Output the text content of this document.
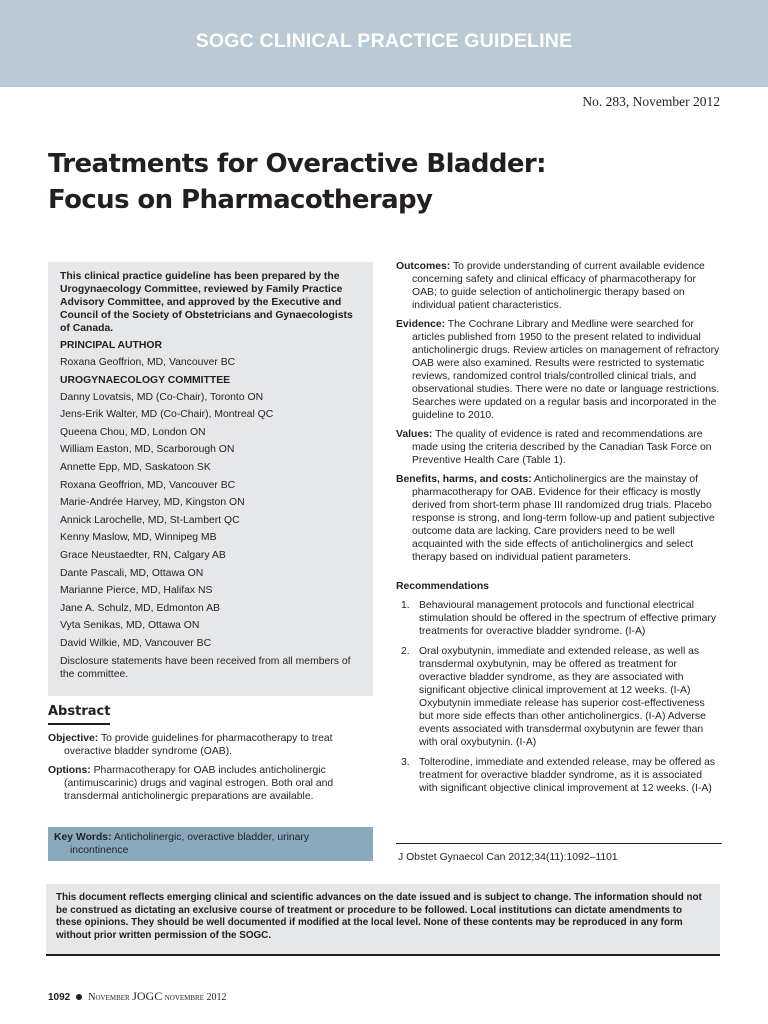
SOGC CLINICAL PRACTICE GUIDELINE
No. 283, November 2012
Treatments for Overactive Bladder:
Focus on Pharmacotherapy

This clinical practice guideline has been prepared by the Urogynaecology Committee, reviewed by Family Practice Advisory Committee, and approved by the Executive and Council of the Society of Obstetricians and Gynaecologists of Canada.

PRINCIPAL AUTHOR

Roxana Geoffrion, MD, Vancouver BC

UROGYNAECOLOGY COMMITTEE

Danny Lovatsis, MD (Co-Chair), Toronto ON

Jens-Erik Walter, MD (Co-Chair), Montreal QC

Queena Chou, MD, London ON

William Easton, MD, Scarborough ON

Annette Epp, MD, Saskatoon SK

Roxana Geoffrion, MD, Vancouver BC

Marie-Andrée Harvey, MD, Kingston ON

Annick Larochelle, MD, St-Lambert QC

Kenny Maslow, MD, Winnipeg MB

Grace Neustaedter, RN, Calgary AB

Dante Pascali, MD, Ottawa ON

Marianne Pierce, MD, Halifax NS

Jane A. Schulz, MD, Edmonton AB

Vyta Senikas, MD, Ottawa ON

David Wilkie, MD, Vancouver BC

Disclosure statements have been received from all members of the committee.

Abstract

Objective: To provide guidelines for pharmacotherapy to treat overactive bladder syndrome (OAB).

Options: Pharmacotherapy for OAB includes anticholinergic (antimuscarinic) drugs and vaginal estrogen. Both oral and transdermal anticholinergic preparations are available.

Key Words: Anticholinergic, overactive bladder, urinary incontinence

Outcomes: To provide understanding of current available evidence concerning safety and clinical efficacy of pharmacotherapy for OAB; to guide selection of anticholinergic therapy based on individual patient characteristics.

Evidence: The Cochrane Library and Medline were searched for articles published from 1950 to the present related to individual anticholinergic drugs. Review articles on management of refractory OAB were also examined. Results were restricted to systematic reviews, randomized control trials/controlled clinical trials, and observational studies. There were no date or language restrictions. Searches were updated on a regular basis and incorporated in the guideline to 2010.

Values: The quality of evidence is rated and recommendations are made using the criteria described by the Canadian Task Force on Preventive Health Care (Table 1).

Benefits, harms, and costs: Anticholinergics are the mainstay of pharmacotherapy for OAB. Evidence for their efficacy is mostly derived from short-term phase III randomized drug trials. Placebo response is strong, and long-term follow-up and patient subjective outcome data are lacking. Care providers need to be well acquainted with the side effects of anticholinergics and select therapy based on individual patient parameters.

Recommendations

1. Behavioural management protocols and functional electrical stimulation should be offered in the spectrum of effective primary treatments for overactive bladder syndrome. (I-A)
2. Oral oxybutynin, immediate and extended release, as well as transdermal oxybutynin, may be offered as treatment for overactive bladder syndrome, as they are associated with significant objective clinical improvement at 12 weeks. (I-A) Oxybutynin immediate release has superior cost-effectiveness but more side effects than other anticholinergics. (I-A) Adverse events associated with transdermal oxybutynin are fewer than with oral oxybutynin. (I-A)
3. Tolterodine, immediate and extended release, may be offered as treatment for overactive bladder syndrome, as it is associated with significant objective clinical improvement at 12 weeks. (I-A)
J Obstet Gynaecol Can 2012;34(11):1092–1101
This document reflects emerging clinical and scientific advances on the date issued and is subject to change. The information should not be construed as dictating an exclusive course of treatment or procedure to be followed. Local institutions can dictate amendments to these opinions. They should be well documented if modified at the local level. None of these contents may be reproduced in any form without prior written permission of the SOGC.
1092 November JOGC novembre 2012
